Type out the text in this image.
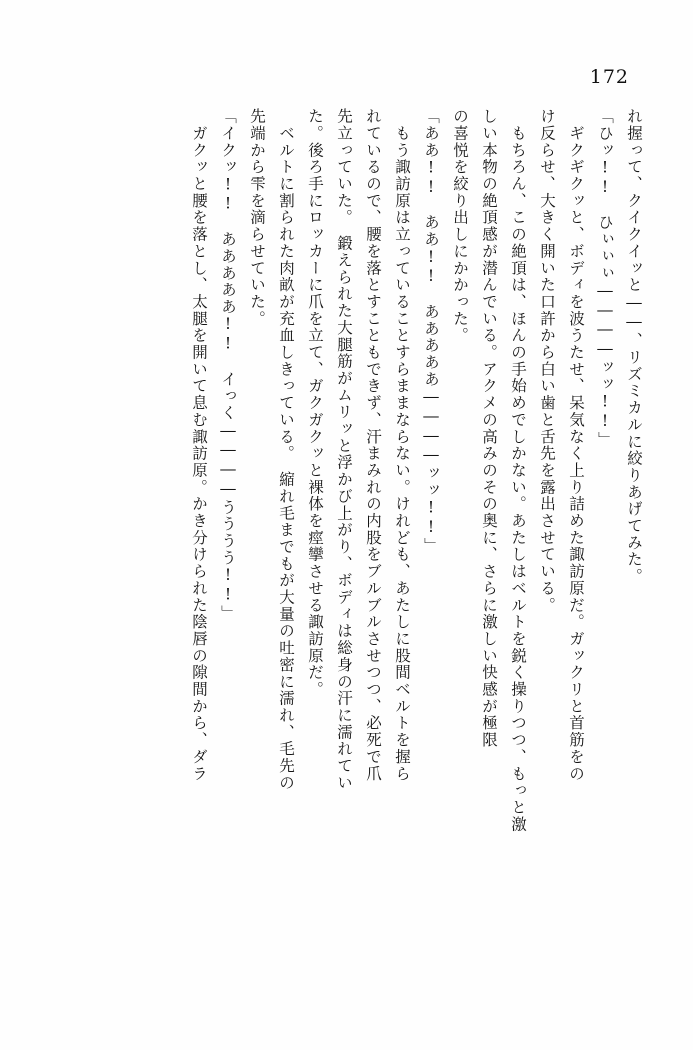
172
れ握って、クイクイッと――、リズミカルに絞りあげてみた。
「ひッ!!　ひぃぃぃ――――ッッ!!」
　ギクギクッと、ボディを波うたせ、呆気なく上り詰めた諏訪原だ。ガックリと首筋をの
け反らせ、大きく開いた口許から白い歯と舌先を露出させている。
　もちろん、この絶頂は、ほんの手始めでしかない。あたしはベルトを鋭く操りつつ、もっと激
しい本物の絶頂感が潜んでいる。アクメの高みのその奥に、さらに激しい快感が極限
の喜悦を絞り出しにかかった。
「ああ!!　ああ!!　あああああ――――ッッ!!」
　もう諏訪原は立っていることすらままならない。けれども、あたしに股間ベルトを握ら
れているので、腰を落とすこともできず、汗まみれの内股をブルブルさせつつ、必死で爪
先立っていた。　鍛えられた大腿筋がムリッと浮かび上がり、ボディは総身の汗に濡れてい
た。後ろ手にロッカーに爪を立て、ガクガクッと裸体を痙攣させる諏訪原だ。
　ベルトに割られた肉畝が充血しきっている。　縮れ毛までもが大量の吐密に濡れ、毛先の
先端から雫を滴らせていた。
「イクッ!!　あああああ!!　イっく――――うううう!!」
　ガクッと腰を落とし、太腿を開いて息む諏訪原。かき分けられた陰唇の隙間から、ダラ
